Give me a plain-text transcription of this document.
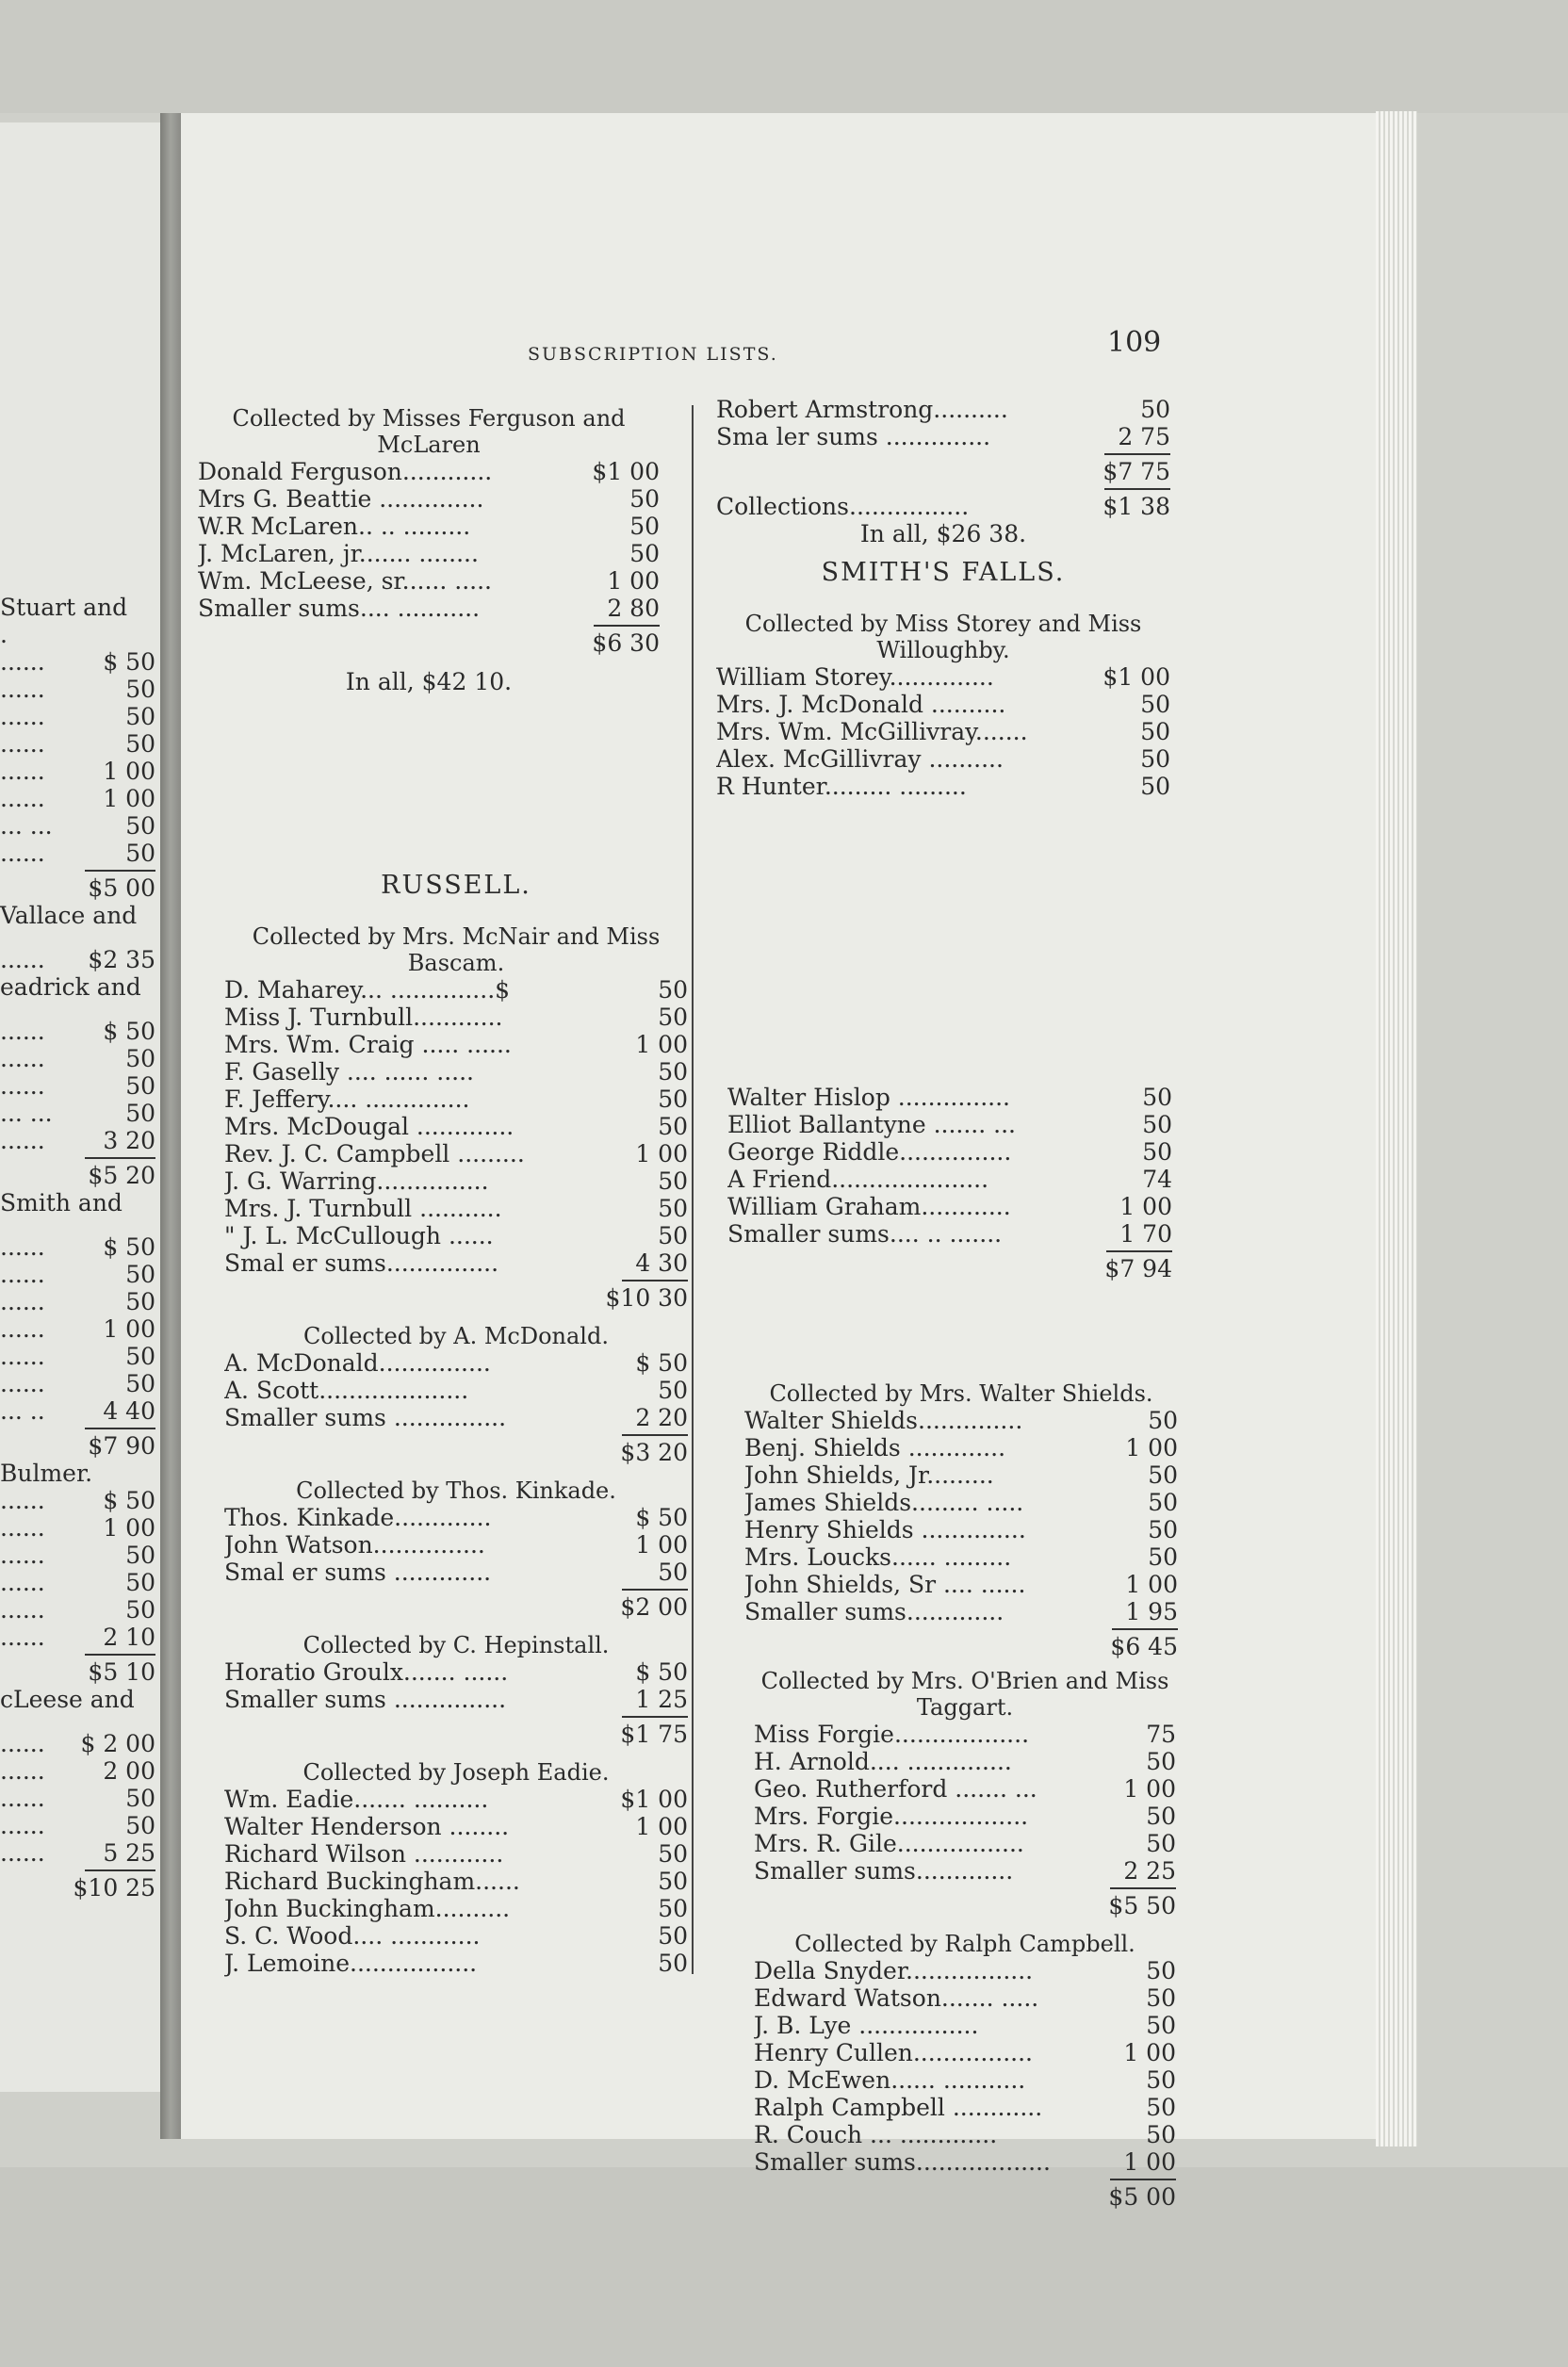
Stuart and
.
...... $ 50
......	50
......	50
......	50
...... 1 00
...... 1 00
... ...	50
......	50
$5 00
Vallace and
...... $2 35
eadrick and
...... $ 50
......	50
......	50
... ...	50
...... 3 20
$5 20
Smith and
...... $ 50
......	50
......	50
...... 1 00
......	50
......	50
... .. 4 40
$7 90
Bulmer.
...... $ 50
...... 1 00
......	50
......	50
......	50
...... 2 10
$5 10
cLeese and
...... $ 2 00
...... 2 00
......	50
......	50
...... 5 25
$10 25
SUBSCRIPTION LISTS.	109
Collected by Misses Ferguson and McLaren
Donald Ferguson............	$1 00
Mrs G. Beattie ..............	50
W.R McLaren.. .. .........	50
J. McLaren, jr....... ........	50
Wm. McLeese, sr...... .....	1 00
Smaller sums.... ...........	2 80
$6 30
In all, $42 10.
RUSSELL.
Collected by Mrs. McNair and Miss Bascam.
D. Maharey... ..............$	50
Miss J. Turnbull............	50
Mrs. Wm. Craig ..... ......	1 00
F. Gaselly .... ...... .....	50
F. Jeffery.... ..............	50
Mrs. McDougal .............	50
Rev. J. C. Campbell .........	1 00
J. G. Warring...............	50
Mrs. J. Turnbull ...........	50
" J. L. McCullough ......	50
Smal er sums...............	4 30
$10 30
Collected by A. McDonald.
A. McDonald...............	$ 50
A. Scott....................	50
Smaller sums ...............	2 20
$3 20
Collected by Thos. Kinkade.
Thos. Kinkade.............	$ 50
John Watson...............	1 00
Smal er sums .............	50
$2 00
Collected by C. Hepinstall.
Horatio Groulx....... ......	$ 50
Smaller sums ...............	1 25
$1 75
Collected by Joseph Eadie.
Wm. Eadie....... ..........	$1 00
Walter Henderson ........	1 00
Richard Wilson ............	50
Richard Buckingham......	50
John Buckingham..........	50
S. C. Wood.... ............	50
J. Lemoine.................	50
Robert Armstrong..........	50
Sma ler sums ..............	2 75
$7 75
Collections................	$1 38
In all, $26 38.
SMITH'S FALLS.
Collected by Miss Storey and Miss Willoughby.
William Storey..............	$1 00
Mrs. J. McDonald ..........	50
Mrs. Wm. McGillivray.......	50
Alex. McGillivray ..........	50
R Hunter......... .........	50
Walter Hislop ...............	50
Elliot Ballantyne ....... ...	50
George Riddle...............	50
A Friend.....................	74
William Graham............	1 00
Smaller sums.... .. .......	1 70
$7 94
Collected by Mrs. Walter Shields.
Walter Shields..............	50
Benj. Shields .............	1 00
John Shields, Jr.........	50
James Shields......... .....	50
Henry Shields ..............	50
Mrs. Loucks...... .........	50
John Shields, Sr .... ......	1 00
Smaller sums.............	1 95
$6 45
Collected by Mrs. O'Brien and Miss Taggart.
Miss Forgie..................	75
H. Arnold.... ..............	50
Geo. Rutherford ....... ...	1 00
Mrs. Forgie..................	50
Mrs. R. Gile.................	50
Smaller sums.............	2 25
$5 50
Collected by Ralph Campbell.
Della Snyder.................	50
Edward Watson....... .....	50
J. B. Lye ................	50
Henry Cullen................	1 00
D. McEwen...... ...........	50
Ralph Campbell ............	50
R. Couch ... .............	50
Smaller sums..................	1 00
$5 00
